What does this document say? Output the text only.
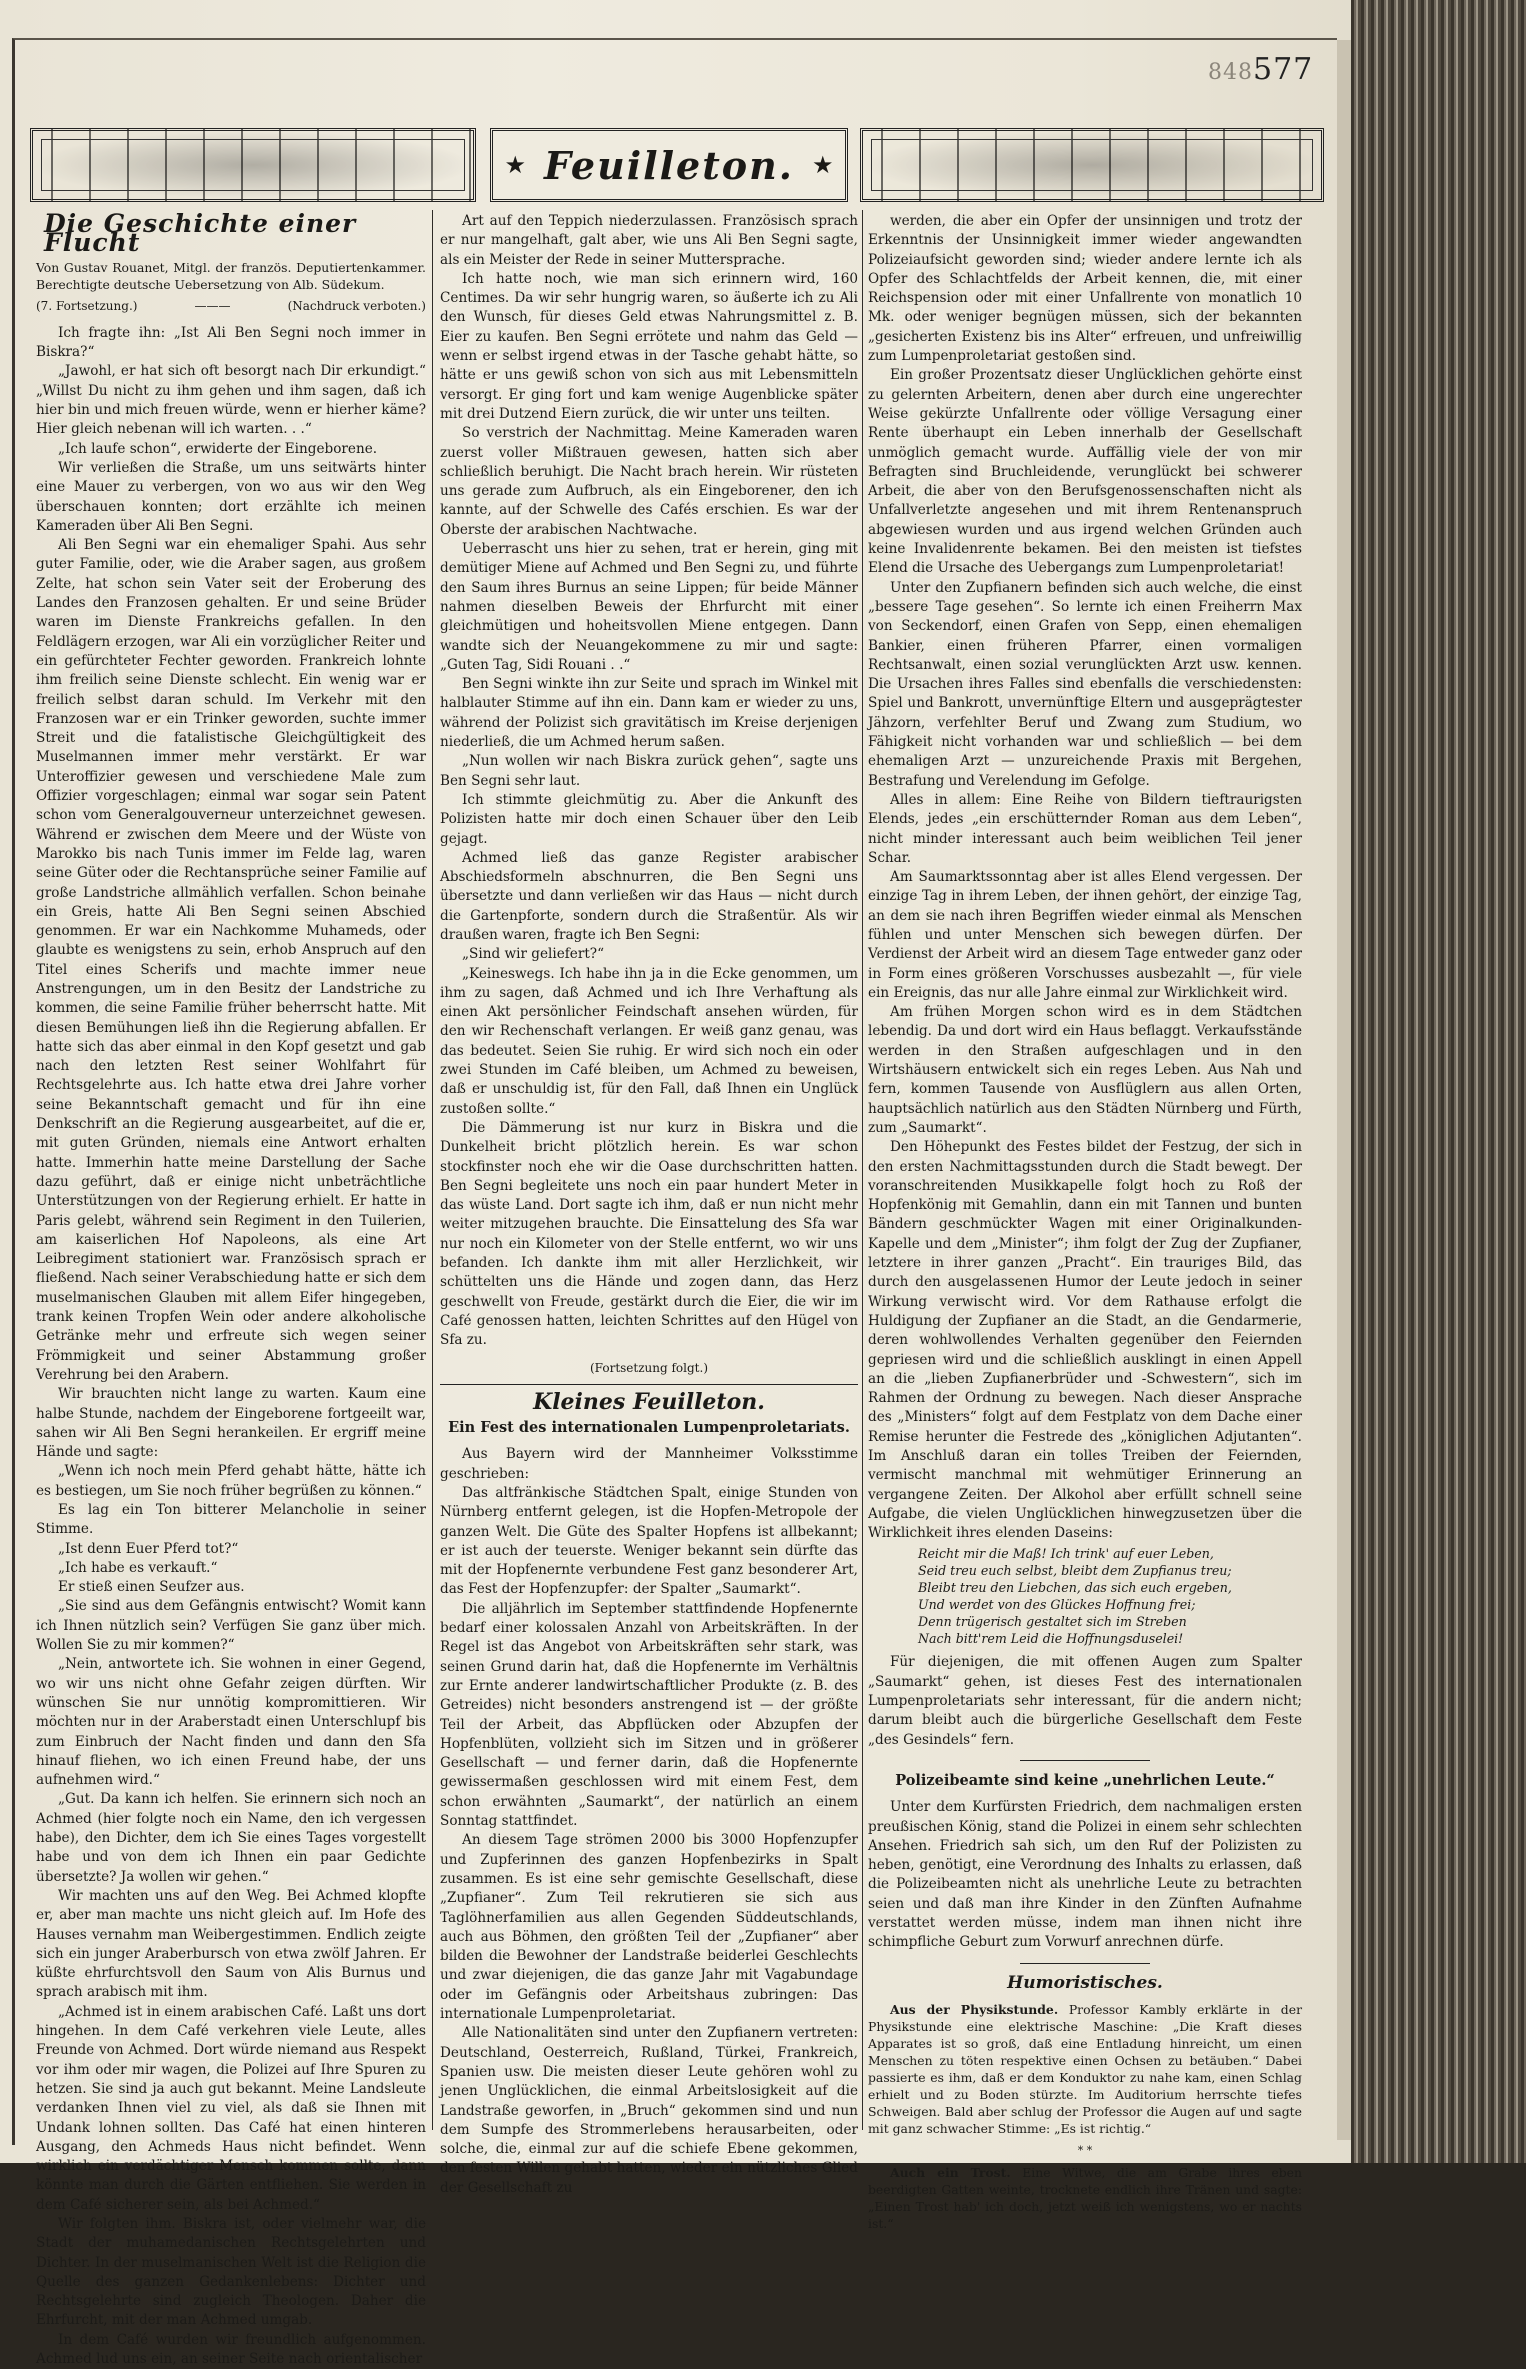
848577
★ Feuilleton. ★
Die Geschichte einer Flucht

Von Gustav Rouanet, Mitgl. der französ. Deputiertenkammer. Berechtigte deutsche Uebersetzung von Alb. Südekum.

(7. Fortsetzung.)	———	(Nachdruck verboten.)

Ich fragte ihn: „Ist Ali Ben Segni noch immer in Biskra?“

„Jawohl, er hat sich oft besorgt nach Dir erkundigt.“ „Willst Du nicht zu ihm gehen und ihm sagen, daß ich hier bin und mich freuen würde, wenn er hierher käme? Hier gleich nebenan will ich warten. . .“

„Ich laufe schon“, erwiderte der Eingeborene.

Wir verließen die Straße, um uns seitwärts hinter eine Mauer zu verbergen, von wo aus wir den Weg überschauen konnten; dort erzählte ich meinen Kameraden über Ali Ben Segni.

Ali Ben Segni war ein ehemaliger Spahi. Aus sehr guter Familie, oder, wie die Araber sagen, aus großem Zelte, hat schon sein Vater seit der Eroberung des Landes den Franzosen gehalten. Er und seine Brüder waren im Dienste Frankreichs gefallen. In den Feldlägern erzogen, war Ali ein vorzüglicher Reiter und ein gefürchteter Fechter geworden. Frankreich lohnte ihm freilich seine Dienste schlecht. Ein wenig war er freilich selbst daran schuld. Im Verkehr mit den Franzosen war er ein Trinker geworden, suchte immer Streit und die fatalistische Gleichgültigkeit des Muselmannen immer mehr verstärkt. Er war Unteroffizier gewesen und verschiedene Male zum Offizier vorgeschlagen; einmal war sogar sein Patent schon vom Generalgouverneur unterzeichnet gewesen. Während er zwischen dem Meere und der Wüste von Marokko bis nach Tunis immer im Felde lag, waren seine Güter oder die Rechtansprüche seiner Familie auf große Landstriche allmählich verfallen. Schon beinahe ein Greis, hatte Ali Ben Segni seinen Abschied genommen. Er war ein Nachkomme Muhameds, oder glaubte es wenigstens zu sein, erhob Anspruch auf den Titel eines Scherifs und machte immer neue Anstrengungen, um in den Besitz der Landstriche zu kommen, die seine Familie früher beherrscht hatte. Mit diesen Bemühungen ließ ihn die Regierung abfallen. Er hatte sich das aber einmal in den Kopf gesetzt und gab nach den letzten Rest seiner Wohlfahrt für Rechtsgelehrte aus. Ich hatte etwa drei Jahre vorher seine Bekanntschaft gemacht und für ihn eine Denkschrift an die Regierung ausgearbeitet, auf die er, mit guten Gründen, niemals eine Antwort erhalten hatte. Immerhin hatte meine Darstellung der Sache dazu geführt, daß er einige nicht unbeträchtliche Unterstützungen von der Regierung erhielt. Er hatte in Paris gelebt, während sein Regiment in den Tuilerien, am kaiserlichen Hof Napoleons, als eine Art Leibregiment stationiert war. Französisch sprach er fließend. Nach seiner Verabschiedung hatte er sich dem muselmanischen Glauben mit allem Eifer hingegeben, trank keinen Tropfen Wein oder andere alkoholische Getränke mehr und erfreute sich wegen seiner Frömmigkeit und seiner Abstammung großer Verehrung bei den Arabern.

Wir brauchten nicht lange zu warten. Kaum eine halbe Stunde, nachdem der Eingeborene fortgeeilt war, sahen wir Ali Ben Segni herankeilen. Er ergriff meine Hände und sagte:

„Wenn ich noch mein Pferd gehabt hätte, hätte ich es bestiegen, um Sie noch früher begrüßen zu können.“

Es lag ein Ton bitterer Melancholie in seiner Stimme.

„Ist denn Euer Pferd tot?“

„Ich habe es verkauft.“

Er stieß einen Seufzer aus.

„Sie sind aus dem Gefängnis entwischt? Womit kann ich Ihnen nützlich sein? Verfügen Sie ganz über mich. Wollen Sie zu mir kommen?“

„Nein, antwortete ich. Sie wohnen in einer Gegend, wo wir uns nicht ohne Gefahr zeigen dürften. Wir wünschen Sie nur unnötig kompromittieren. Wir möchten nur in der Araberstadt einen Unterschlupf bis zum Einbruch der Nacht finden und dann den Sfa hinauf fliehen, wo ich einen Freund habe, der uns aufnehmen wird.“

„Gut. Da kann ich helfen. Sie erinnern sich noch an Achmed (hier folgte noch ein Name, den ich vergessen habe), den Dichter, dem ich Sie eines Tages vorgestellt habe und von dem ich Ihnen ein paar Gedichte übersetzte? Ja wollen wir gehen.“

Wir machten uns auf den Weg. Bei Achmed klopfte er, aber man machte uns nicht gleich auf. Im Hofe des Hauses vernahm man Weibergestimmen. Endlich zeigte sich ein junger Araberbursch von etwa zwölf Jahren. Er küßte ehrfurchtsvoll den Saum von Alis Burnus und sprach arabisch mit ihm.

„Achmed ist in einem arabischen Café. Laßt uns dort hingehen. In dem Café verkehren viele Leute, alles Freunde von Achmed. Dort würde niemand aus Respekt vor ihm oder mir wagen, die Polizei auf Ihre Spuren zu hetzen. Sie sind ja auch gut bekannt. Meine Landsleute verdanken Ihnen viel zu viel, als daß sie Ihnen mit Undank lohnen sollten. Das Café hat einen hinteren Ausgang, den Achmeds Haus nicht befindet. Wenn wirklich ein verdächtiger Mensch kommen sollte, dann könnte man durch die Gärten entfliehen. Sie werden in dem Café sicherer sein, als bei Achmed.“

Wir folgten ihm. Biskra ist, oder vielmehr war, die Stadt der muhamedanischen Rechtsgelehrten und Dichter. In der muselmanischen Welt ist die Religion die Quelle des ganzen Gedankenlebens: Dichter und Rechtsgelehrte sind zugleich Theologen. Daher die Ehrfurcht, mit der man Achmed umgab.

In dem Café wurden wir freundlich aufgenommen. Achmed lud uns ein, an seiner Seite nach orientalischer

Art auf den Teppich niederzulassen. Französisch sprach er nur mangelhaft, galt aber, wie uns Ali Ben Segni sagte, als ein Meister der Rede in seiner Muttersprache.

Ich hatte noch, wie man sich erinnern wird, 160 Centimes. Da wir sehr hungrig waren, so äußerte ich zu Ali den Wunsch, für dieses Geld etwas Nahrungsmittel z. B. Eier zu kaufen. Ben Segni errötete und nahm das Geld — wenn er selbst irgend etwas in der Tasche gehabt hätte, so hätte er uns gewiß schon von sich aus mit Lebensmitteln versorgt. Er ging fort und kam wenige Augenblicke später mit drei Dutzend Eiern zurück, die wir unter uns teilten.

So verstrich der Nachmittag. Meine Kameraden waren zuerst voller Mißtrauen gewesen, hatten sich aber schließlich beruhigt. Die Nacht brach herein. Wir rüsteten uns gerade zum Aufbruch, als ein Eingeborener, den ich kannte, auf der Schwelle des Cafés erschien. Es war der Oberste der arabischen Nachtwache.

Ueberrascht uns hier zu sehen, trat er herein, ging mit demütiger Miene auf Achmed und Ben Segni zu, und führte den Saum ihres Burnus an seine Lippen; für beide Männer nahmen dieselben Beweis der Ehrfurcht mit einer gleichmütigen und hoheitsvollen Miene entgegen. Dann wandte sich der Neuangekommene zu mir und sagte: „Guten Tag, Sidi Rouani . .“

Ben Segni winkte ihn zur Seite und sprach im Winkel mit halblauter Stimme auf ihn ein. Dann kam er wieder zu uns, während der Polizist sich gravitätisch im Kreise derjenigen niederließ, die um Achmed herum saßen.

„Nun wollen wir nach Biskra zurück gehen“, sagte uns Ben Segni sehr laut.

Ich stimmte gleichmütig zu. Aber die Ankunft des Polizisten hatte mir doch einen Schauer über den Leib gejagt.

Achmed ließ das ganze Register arabischer Abschiedsformeln abschnurren, die Ben Segni uns übersetzte und dann verließen wir das Haus — nicht durch die Gartenpforte, sondern durch die Straßentür. Als wir draußen waren, fragte ich Ben Segni:

„Sind wir geliefert?“

„Keineswegs. Ich habe ihn ja in die Ecke genommen, um ihm zu sagen, daß Achmed und ich Ihre Verhaftung als einen Akt persönlicher Feindschaft ansehen würden, für den wir Rechenschaft verlangen. Er weiß ganz genau, was das bedeutet. Seien Sie ruhig. Er wird sich noch ein oder zwei Stunden im Café bleiben, um Achmed zu beweisen, daß er unschuldig ist, für den Fall, daß Ihnen ein Unglück zustoßen sollte.“

Die Dämmerung ist nur kurz in Biskra und die Dunkelheit bricht plötzlich herein. Es war schon stockfinster noch ehe wir die Oase durchschritten hatten. Ben Segni begleitete uns noch ein paar hundert Meter in das wüste Land. Dort sagte ich ihm, daß er nun nicht mehr weiter mitzugehen brauchte. Die Einsattelung des Sfa war nur noch ein Kilometer von der Stelle entfernt, wo wir uns befanden. Ich dankte ihm mit aller Herzlichkeit, wir schüttelten uns die Hände und zogen dann, das Herz geschwellt von Freude, gestärkt durch die Eier, die wir im Café genossen hatten, leichten Schrittes auf den Hügel von Sfa zu.

(Fortsetzung folgt.)
Kleines Feuilleton.
Ein Fest des internationalen Lumpenproletariats.

Aus Bayern wird der Mannheimer Volksstimme geschrieben:

Das altfränkische Städtchen Spalt, einige Stunden von Nürnberg entfernt gelegen, ist die Hopfen-Metropole der ganzen Welt. Die Güte des Spalter Hopfens ist allbekannt; er ist auch der teuerste. Weniger bekannt sein dürfte das mit der Hopfenernte verbundene Fest ganz besonderer Art, das Fest der Hopfenzupfer: der Spalter „Saumarkt“.

Die alljährlich im September stattfindende Hopfenernte bedarf einer kolossalen Anzahl von Arbeitskräften. In der Regel ist das Angebot von Arbeitskräften sehr stark, was seinen Grund darin hat, daß die Hopfenernte im Verhältnis zur Ernte anderer landwirtschaftlicher Produkte (z. B. des Getreides) nicht besonders anstrengend ist — der größte Teil der Arbeit, das Abpflücken oder Abzupfen der Hopfenblüten, vollzieht sich im Sitzen und in größerer Gesellschaft — und ferner darin, daß die Hopfenernte gewissermaßen geschlossen wird mit einem Fest, dem schon erwähnten „Saumarkt“, der natürlich an einem Sonntag stattfindet.

An diesem Tage strömen 2000 bis 3000 Hopfenzupfer und Zupferinnen des ganzen Hopfenbezirks in Spalt zusammen. Es ist eine sehr gemischte Gesellschaft, diese „Zupfianer“. Zum Teil rekrutieren sie sich aus Taglöhnerfamilien aus allen Gegenden Süddeutschlands, auch aus Böhmen, den größten Teil der „Zupfianer“ aber bilden die Bewohner der Landstraße beiderlei Geschlechts und zwar diejenigen, die das ganze Jahr mit Vagabundage oder im Gefängnis oder Arbeitshaus zubringen: Das internationale Lumpenproletariat.

Alle Nationalitäten sind unter den Zupfianern vertreten: Deutschland, Oesterreich, Rußland, Türkei, Frankreich, Spanien usw. Die meisten dieser Leute gehören wohl zu jenen Unglücklichen, die einmal Arbeitslosigkeit auf die Landstraße geworfen, in „Bruch“ gekommen sind und nun dem Sumpfe des Strommerlebens herausarbeiten, oder solche, die, einmal zur auf die schiefe Ebene gekommen, den festen Willen gehabt hatten, wieder ein nützliches Glied der Gesellschaft zu

werden, die aber ein Opfer der unsinnigen und trotz der Erkenntnis der Unsinnigkeit immer wieder angewandten Polizeiaufsicht geworden sind; wieder andere lernte ich als Opfer des Schlachtfelds der Arbeit kennen, die, mit einer Reichspension oder mit einer Unfallrente von monatlich 10 Mk. oder weniger begnügen müssen, sich der bekannten „gesicherten Existenz bis ins Alter“ erfreuen, und unfreiwillig zum Lumpenproletariat gestoßen sind.

Ein großer Prozentsatz dieser Unglücklichen gehörte einst zu gelernten Arbeitern, denen aber durch eine ungerechter Weise gekürzte Unfallrente oder völlige Versagung einer Rente überhaupt ein Leben innerhalb der Gesellschaft unmöglich gemacht wurde. Auffällig viele der von mir Befragten sind Bruchleidende, verunglückt bei schwerer Arbeit, die aber von den Berufsgenossenschaften nicht als Unfallverletzte angesehen und mit ihrem Rentenanspruch abgewiesen wurden und aus irgend welchen Gründen auch keine Invalidenrente bekamen. Bei den meisten ist tiefstes Elend die Ursache des Uebergangs zum Lumpenproletariat!

Unter den Zupfianern befinden sich auch welche, die einst „bessere Tage gesehen“. So lernte ich einen Freiherrn Max von Seckendorf, einen Grafen von Sepp, einen ehemaligen Bankier, einen früheren Pfarrer, einen vormaligen Rechtsanwalt, einen sozial verunglückten Arzt usw. kennen. Die Ursachen ihres Falles sind ebenfalls die verschiedensten: Spiel und Bankrott, unvernünftige Eltern und ausgeprägtester Jähzorn, verfehlter Beruf und Zwang zum Studium, wo Fähigkeit nicht vorhanden war und schließlich — bei dem ehemaligen Arzt — unzureichende Praxis mit Bergehen, Bestrafung und Verelendung im Gefolge.

Alles in allem: Eine Reihe von Bildern tieftraurigsten Elends, jedes „ein erschütternder Roman aus dem Leben“, nicht minder interessant auch beim weiblichen Teil jener Schar.

Am Saumarktssonntag aber ist alles Elend vergessen. Der einzige Tag in ihrem Leben, der ihnen gehört, der einzige Tag, an dem sie nach ihren Begriffen wieder einmal als Menschen fühlen und unter Menschen sich bewegen dürfen. Der Verdienst der Arbeit wird an diesem Tage entweder ganz oder in Form eines größeren Vorschusses ausbezahlt —, für viele ein Ereignis, das nur alle Jahre einmal zur Wirklichkeit wird.

Am frühen Morgen schon wird es in dem Städtchen lebendig. Da und dort wird ein Haus beflaggt. Verkaufsstände werden in den Straßen aufgeschlagen und in den Wirtshäusern entwickelt sich ein reges Leben. Aus Nah und fern, kommen Tausende von Ausflüglern aus allen Orten, hauptsächlich natürlich aus den Städten Nürnberg und Fürth, zum „Saumarkt“.

Den Höhepunkt des Festes bildet der Festzug, der sich in den ersten Nachmittagsstunden durch die Stadt bewegt. Der voranschreitenden Musikkapelle folgt hoch zu Roß der Hopfenkönig mit Gemahlin, dann ein mit Tannen und bunten Bändern geschmückter Wagen mit einer Originalkunden-Kapelle und dem „Minister“; ihm folgt der Zug der Zupfianer, letztere in ihrer ganzen „Pracht“. Ein trauriges Bild, das durch den ausgelassenen Humor der Leute jedoch in seiner Wirkung verwischt wird. Vor dem Rathause erfolgt die Huldigung der Zupfianer an die Stadt, an die Gendarmerie, deren wohlwollendes Verhalten gegenüber den Feiernden gepriesen wird und die schließlich ausklingt in einen Appell an die „lieben Zupfianerbrüder und -Schwestern“, sich im Rahmen der Ordnung zu bewegen. Nach dieser Ansprache des „Ministers“ folgt auf dem Festplatz von dem Dache einer Remise herunter die Festrede des „königlichen Adjutanten“. Im Anschluß daran ein tolles Treiben der Feiernden, vermischt manchmal mit wehmütiger Erinnerung an vergangene Zeiten. Der Alkohol aber erfüllt schnell seine Aufgabe, die vielen Unglücklichen hinwegzusetzen über die Wirklichkeit ihres elenden Daseins:

Reicht mir die Maß! Ich trink' auf euer Leben,
Seid treu euch selbst, bleibt dem Zupfianus treu;
Bleibt treu den Liebchen, das sich euch ergeben,
Und werdet von des Glückes Hoffnung frei;
Denn trügerisch gestaltet sich im Streben
Nach bitt'rem Leid die Hoffnungsduselei!

Für diejenigen, die mit offenen Augen zum Spalter „Saumarkt“ gehen, ist dieses Fest des internationalen Lumpenproletariats sehr interessant, für die andern nicht; darum bleibt auch die bürgerliche Gesellschaft dem Feste „des Gesindels“ fern.

Polizeibeamte sind keine „unehrlichen Leute.“

Unter dem Kurfürsten Friedrich, dem nachmaligen ersten preußischen König, stand die Polizei in einem sehr schlechten Ansehen. Friedrich sah sich, um den Ruf der Polizisten zu heben, genötigt, eine Verordnung des Inhalts zu erlassen, daß die Polizeibeamten nicht als unehrliche Leute zu betrachten seien und daß man ihre Kinder in den Zünften Aufnahme verstattet werden müsse, indem man ihnen nicht ihre schimpfliche Geburt zum Vorwurf anrechnen dürfe.

Humoristisches.

Aus der Physikstunde. Professor Kambly erklärte in der Physikstunde eine elektrische Maschine: „Die Kraft dieses Apparates ist so groß, daß eine Entladung hinreicht, um einen Menschen zu töten respektive einen Ochsen zu betäuben.“ Dabei passierte es ihm, daß er dem Konduktor zu nahe kam, einen Schlag erhielt und zu Boden stürzte. Im Auditorium herrschte tiefes Schweigen. Bald aber schlug der Professor die Augen auf und sagte mit ganz schwacher Stimme: „Es ist richtig.“

* *

Auch ein Trost. Eine Witwe, die am Grabe ihres eben beerdigten Gatten weinte, trocknete endlich ihre Tränen und sagte: „Einen Trost hab' ich doch, jetzt weiß ich wenigstens, wo er nachts ist.“
